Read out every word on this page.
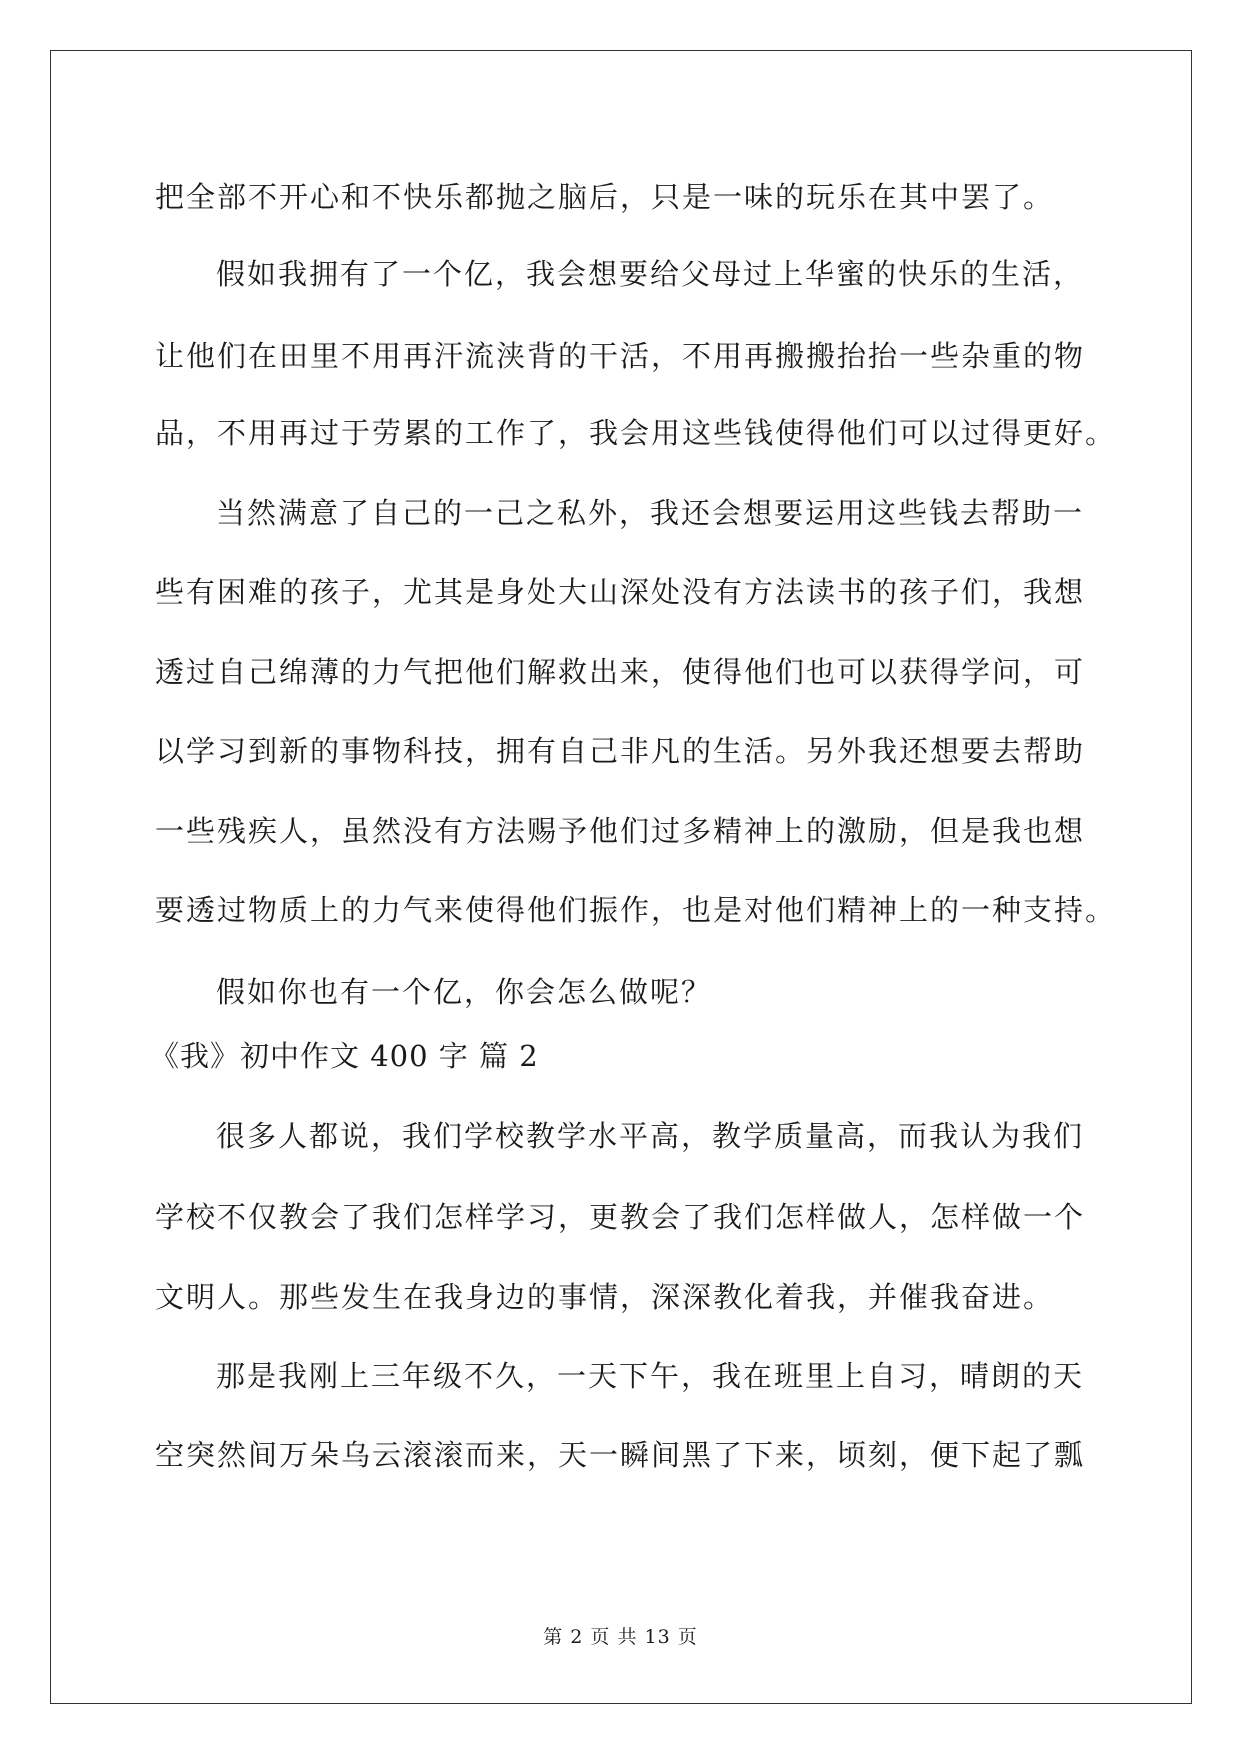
把全部不开心和不快乐都抛之脑后，只是一味的玩乐在其中罢了。
假如我拥有了一个亿，我会想要给父母过上华蜜的快乐的生活，
让他们在田里不用再汗流浃背的干活，不用再搬搬抬抬一些杂重的物
品，不用再过于劳累的工作了，我会用这些钱使得他们可以过得更好。
当然满意了自己的一己之私外，我还会想要运用这些钱去帮助一
些有困难的孩子，尤其是身处大山深处没有方法读书的孩子们，我想
透过自己绵薄的力气把他们解救出来，使得他们也可以获得学问，可
以学习到新的事物科技，拥有自己非凡的生活。另外我还想要去帮助
一些残疾人，虽然没有方法赐予他们过多精神上的激励，但是我也想
要透过物质上的力气来使得他们振作，也是对他们精神上的一种支持。
假如你也有一个亿，你会怎么做呢？
《我》初中作文 400 字 篇 2
很多人都说，我们学校教学水平高，教学质量高，而我认为我们
学校不仅教会了我们怎样学习，更教会了我们怎样做人，怎样做一个
文明人。那些发生在我身边的事情，深深教化着我，并催我奋进。
那是我刚上三年级不久，一天下午，我在班里上自习，晴朗的天
空突然间万朵乌云滚滚而来，天一瞬间黑了下来，顷刻，便下起了瓢
第 2 页 共 13 页
